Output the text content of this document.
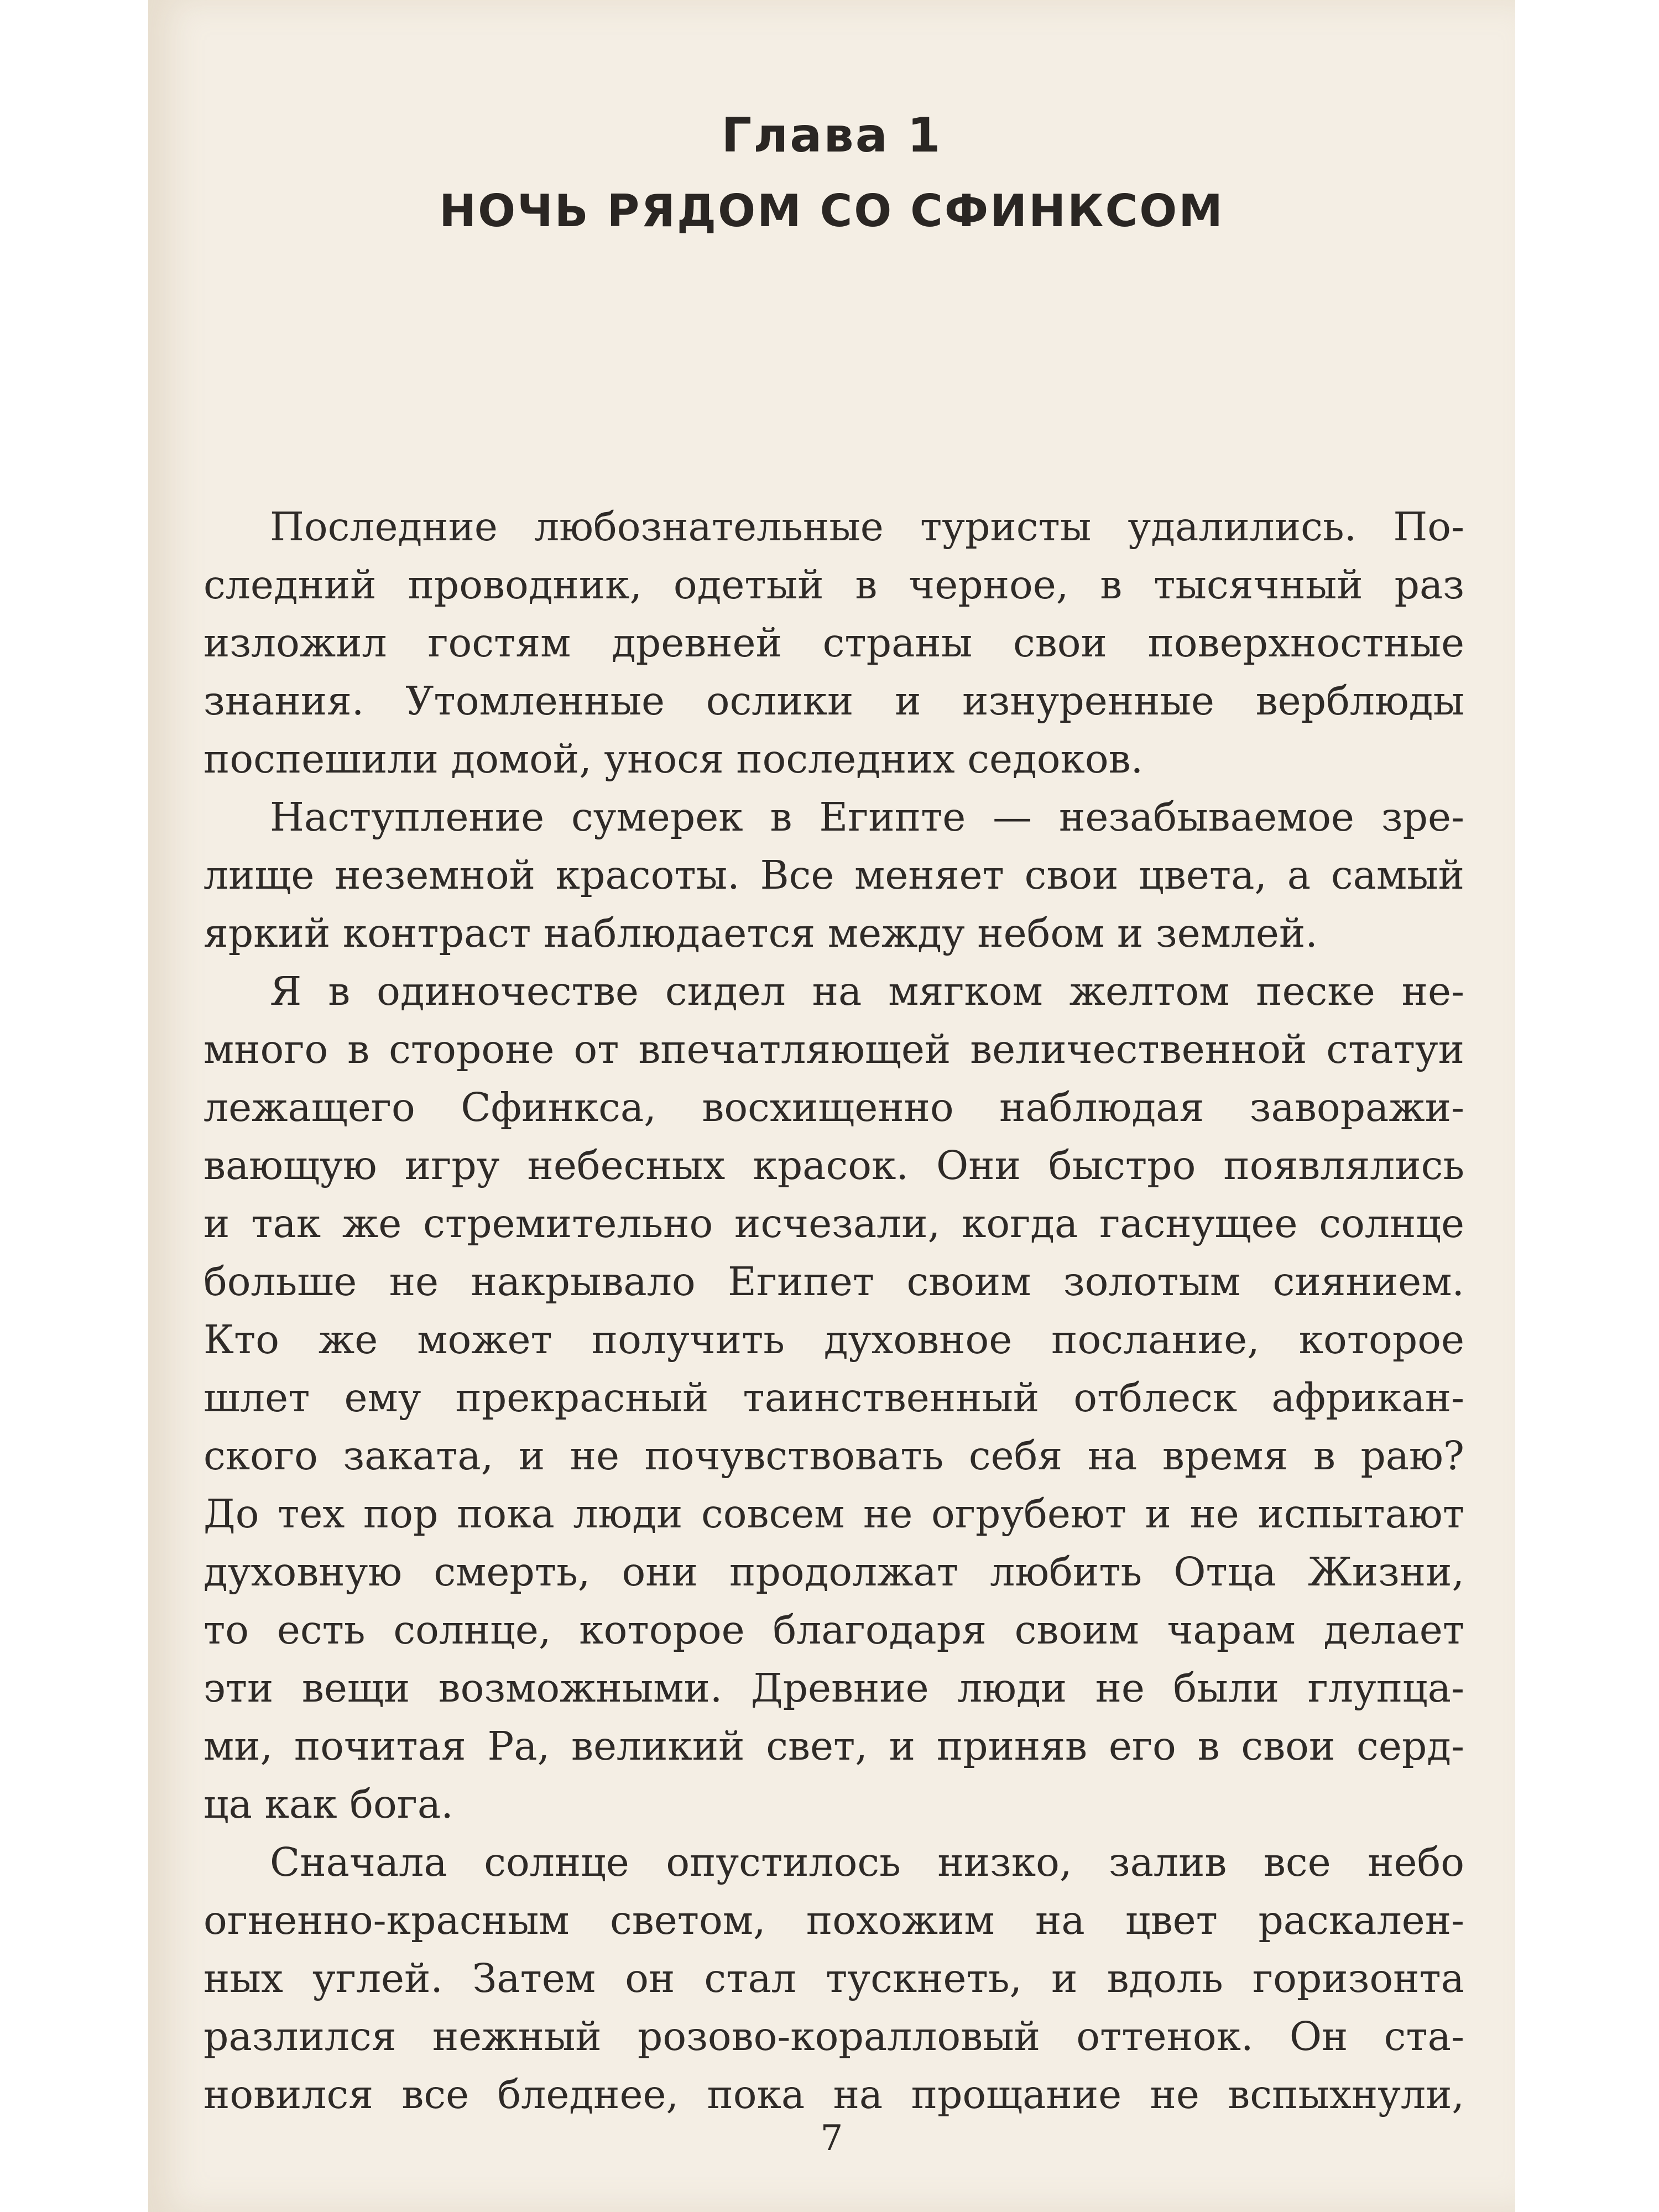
Глава 1
НОЧЬ РЯДОМ СО СФИНКСОМ
7
Последние любознательные туристы удалились. По-
следний проводник, одетый в черное, в тысячный раз
изложил гостям древней страны свои поверхностные
знания. Утомленные ослики и изнуренные верблюды
поспешили домой, унося последних седоков.
Наступление сумерек в Египте — незабываемое зре-
лище неземной красоты. Все меняет свои цвета, а самый
яркий контраст наблюдается между небом и землей.
Я в одиночестве сидел на мягком желтом песке не-
много в стороне от впечатляющей величественной статуи
лежащего Сфинкса, восхищенно наблюдая заворажи-
вающую игру небесных красок. Они быстро появлялись
и так же стремительно исчезали, когда гаснущее солнце
больше не накрывало Египет своим золотым сиянием.
Кто же может получить духовное послание, которое
шлет ему прекрасный таинственный отблеск африкан-
ского заката, и не почувствовать себя на время в раю?
До тех пор пока люди совсем не огрубеют и не испытают
духовную смерть, они продолжат любить Отца Жизни,
то есть солнце, которое благодаря своим чарам делает
эти вещи возможными. Древние люди не были глупца-
ми, почитая Ра, великий свет, и приняв его в свои серд-
ца как бога.
Сначала солнце опустилось низко, залив все небо
огненно-красным светом, похожим на цвет раскален-
ных углей. Затем он стал тускнеть, и вдоль горизонта
разлился нежный розово-коралловый оттенок. Он ста-
новился все бледнее, пока на прощание не вспыхнули,
